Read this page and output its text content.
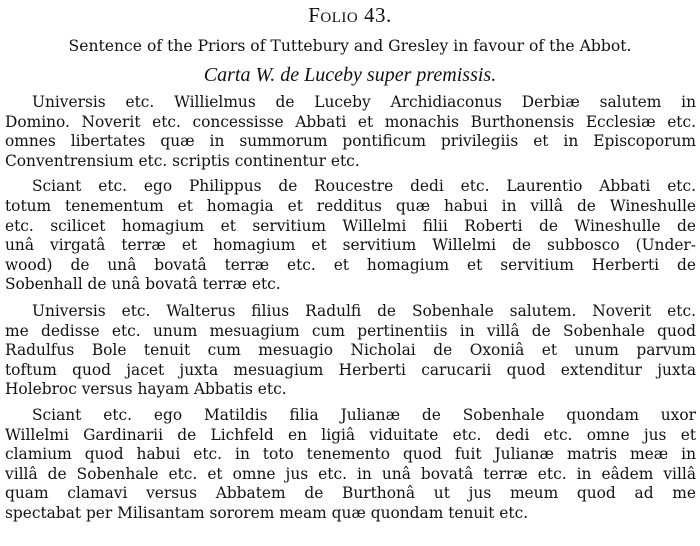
Folio 43.
Sentence of the Priors of Tuttebury and Gresley in favour of the Abbot.
Carta W. de Luceby super premissis.
Universis etc. Willielmus de Luceby Archidiaconus Derbiæ salutem in
Domino. Noverit etc. concessisse Abbati et monachis Burthonensis Ecclesiæ etc.
omnes libertates quæ in summorum pontificum privilegiis et in Episcoporum
Conventrensium etc. scriptis continentur etc.
Sciant etc. ego Philippus de Roucestre dedi etc. Laurentio Abbati etc.
totum tenementum et homagia et redditus quæ habui in villâ de Wineshulle
etc. scilicet homagium et servitium Willelmi filii Roberti de Wineshulle de
unâ virgatâ terræ et homagium et servitium Willelmi de subbosco (Under-
wood) de unâ bovatâ terræ etc. et homagium et servitium Herberti de
Sobenhall de unâ bovatâ terræ etc.
Universis etc. Walterus filius Radulfi de Sobenhale salutem. Noverit etc.
me dedisse etc. unum mesuagium cum pertinentiis in villâ de Sobenhale quod
Radulfus Bole tenuit cum mesuagio Nicholai de Oxoniâ et unum parvum
toftum quod jacet juxta mesuagium Herberti carucarii quod extenditur juxta
Holebroc versus hayam Abbatis etc.
Sciant etc. ego Matildis filia Julianæ de Sobenhale quondam uxor
Willelmi Gardinarii de Lichfeld en ligiâ viduitate etc. dedi etc. omne jus et
clamium quod habui etc. in toto tenemento quod fuit Julianæ matris meæ in
villâ de Sobenhale etc. et omne jus etc. in unâ bovatâ terræ etc. in eâdem villâ
quam clamavi versus Abbatem de Burthonâ ut jus meum quod ad me
spectabat per Milisantam sororem meam quæ quondam tenuit etc.
